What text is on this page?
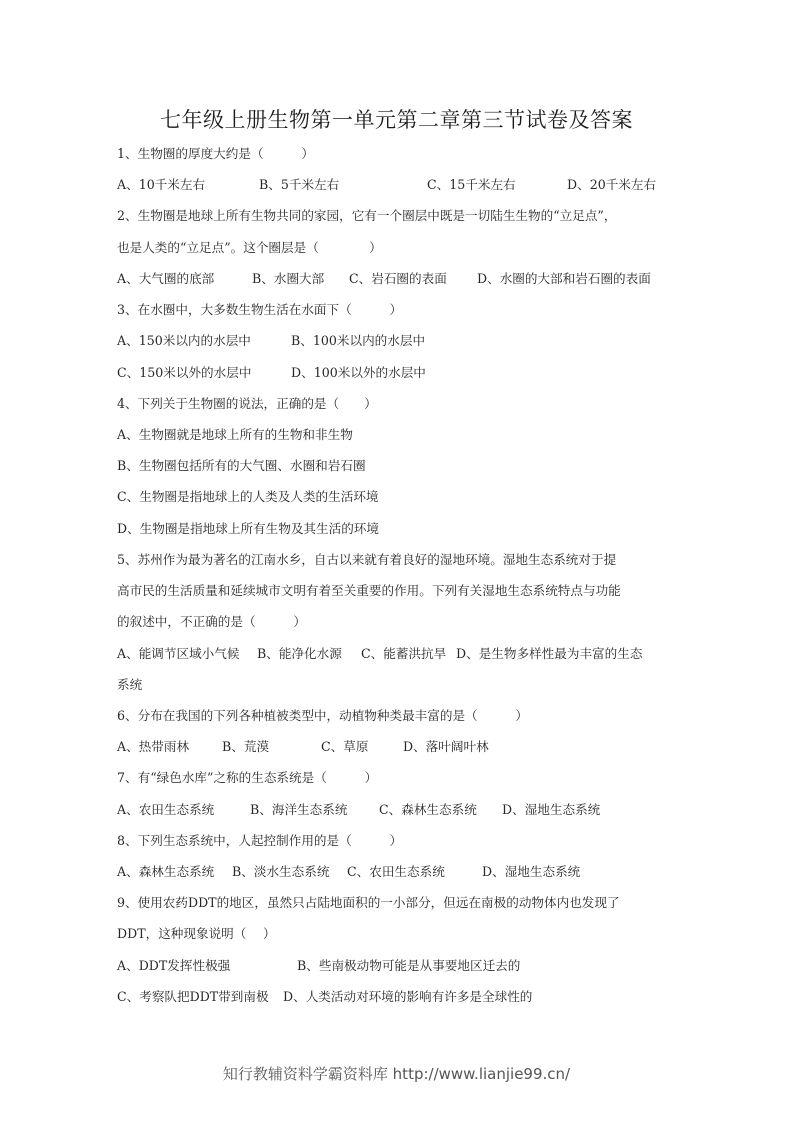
七年级上册生物第一单元第二章第三节试卷及答案
1、生物圈的厚度大约是（　　　）
A、10千米左右	B、5千米左右	C、15千米左右	D、20千米左右
2、生物圈是地球上所有生物共同的家园，它有一个圈层中既是一切陆生生物的“立足点”，
也是人类的“立足点”。这个圈层是（　　　　）
A、大气圈的底部	B、水圈大部 C、岩石圈的表面 D、水圈的大部和岩石圈的表面
3、在水圈中，大多数生物生活在水面下（　　　）
A、150米以内的水层中	B、100米以内的水层中
C、150米以外的水层中	D、100米以外的水层中
4、下列关于生物圈的说法，正确的是（　　）
A、生物圈就是地球上所有的生物和非生物
B、生物圈包括所有的大气圈、水圈和岩石圈
C、生物圈是指地球上的人类及人类的生活环境
D、生物圈是指地球上所有生物及其生活的环境
5、苏州作为最为著名的江南水乡，自古以来就有着良好的湿地环境。湿地生态系统对于提
高市民的生活质量和延续城市文明有着至关重要的作用。下列有关湿地生态系统特点与功能
的叙述中，不正确的是（　　　）
A、能调节区域小气候 B、能净化水源 C、能蓄洪抗旱 D、是生物多样性最为丰富的生态
系统
6、分布在我国的下列各种植被类型中，动植物种类最丰富的是（　　　）
A、热带雨林	B、荒漠	C、草原	D、落叶阔叶林
7、有“绿色水库”之称的生态系统是（　　　）
A、农田生态系统	B、海洋生态系统	C、森林生态系统 D、湿地生态系统
8、下列生态系统中，人起控制作用的是（　　　）
A、森林生态系统 B、淡水生态系统 C、农田生态系统	D、湿地生态系统
9、使用农药DDT的地区，虽然只占陆地面积的一小部分，但远在南极的动物体内也发现了
DDT，这种现象说明（　 ）
A、DDT发挥性极强	B、些南极动物可能是从事要地区迁去的
C、考察队把DDT带到南极 D、人类活动对环境的影响有许多是全球性的
知行教辅资料学霸资料库 http://www.lianjie99.cn/
